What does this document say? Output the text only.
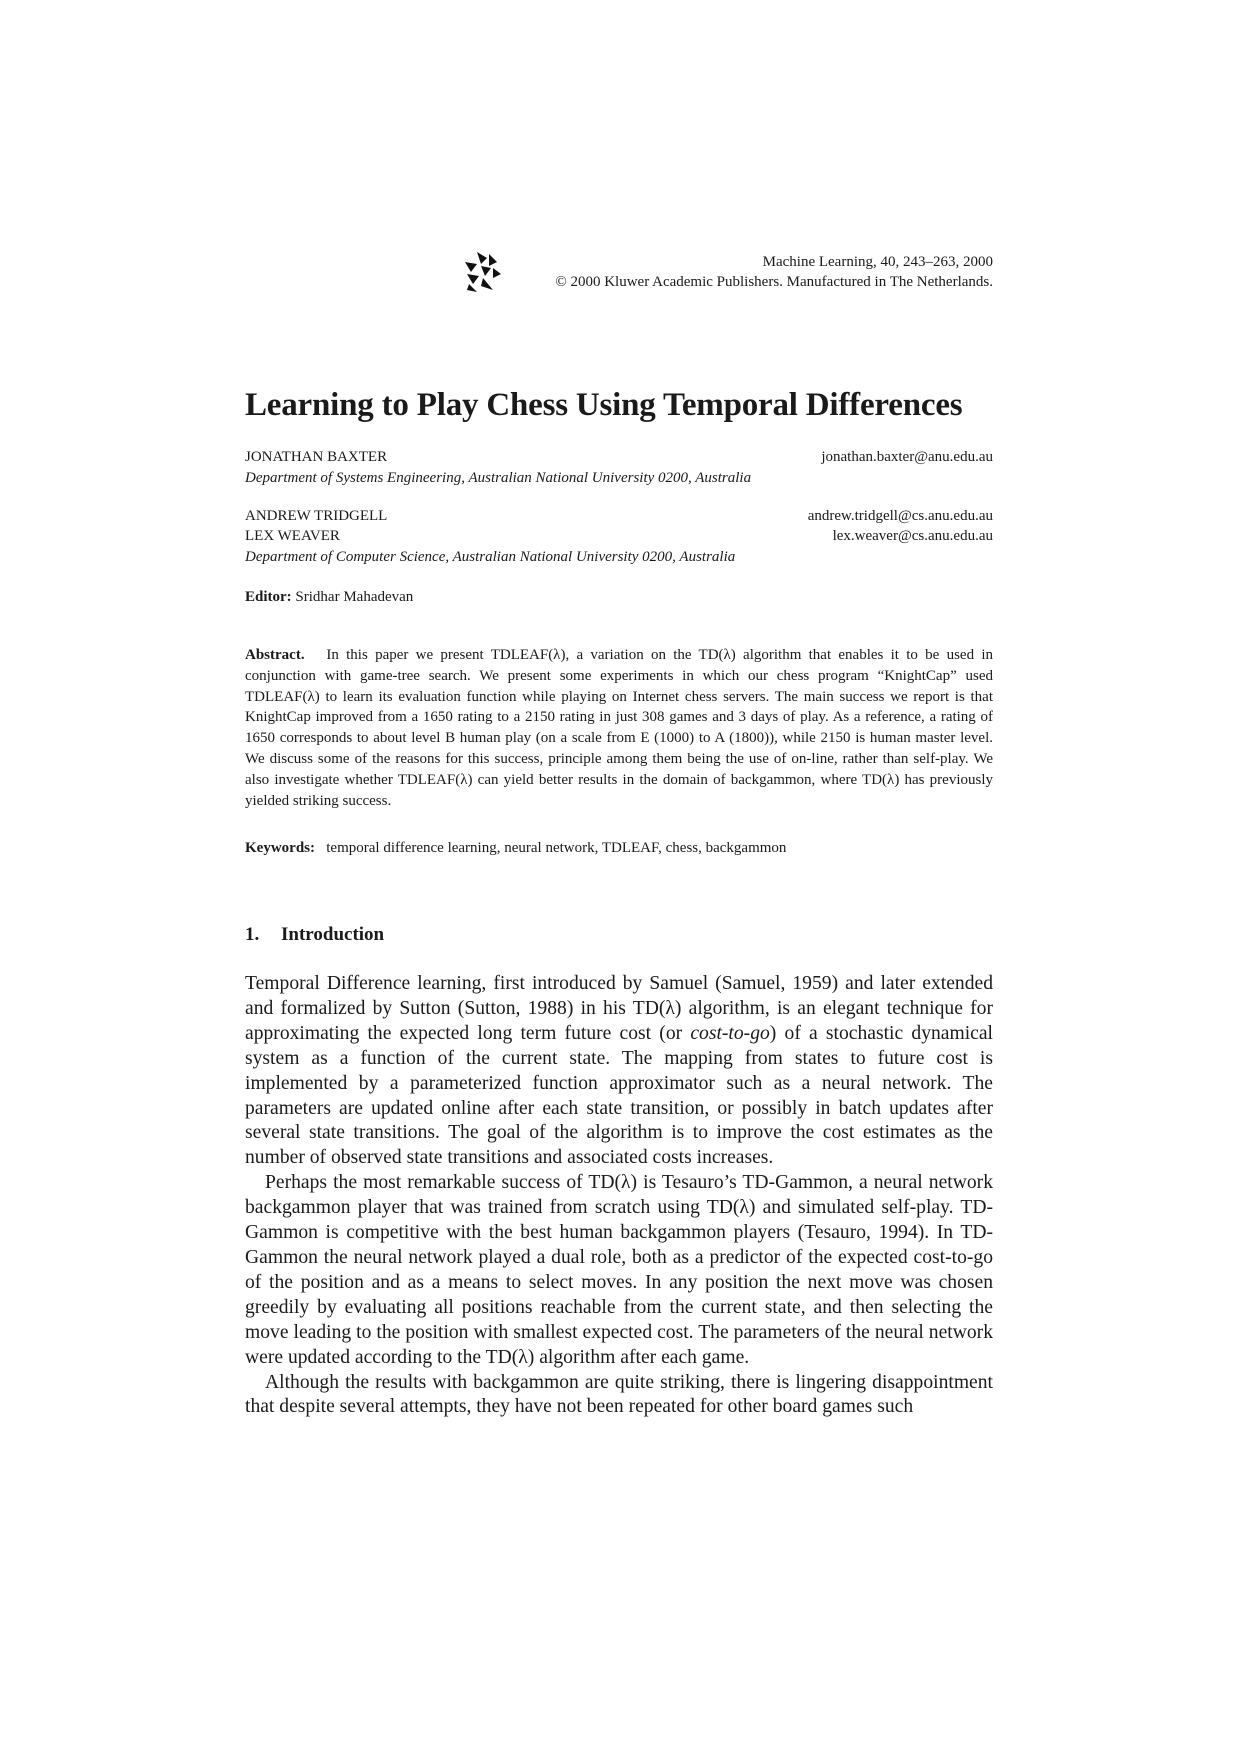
Machine Learning, 40, 243–263, 2000
© 2000 Kluwer Academic Publishers. Manufactured in The Netherlands.
Learning to Play Chess Using Temporal Differences
JONATHAN BAXTER	jonathan.baxter@anu.edu.au
Department of Systems Engineering, Australian National University 0200, Australia
ANDREW TRIDGELL	andrew.tridgell@cs.anu.edu.au
LEX WEAVER	lex.weaver@cs.anu.edu.au
Department of Computer Science, Australian National University 0200, Australia
Editor: Sridhar Mahadevan
Abstract. In this paper we present TDLEAF(λ), a variation on the TD(λ) algorithm that enables it to be used in conjunction with game-tree search. We present some experiments in which our chess program “KnightCap” used TDLEAF(λ) to learn its evaluation function while playing on Internet chess servers. The main success we report is that KnightCap improved from a 1650 rating to a 2150 rating in just 308 games and 3 days of play. As a reference, a rating of 1650 corresponds to about level B human play (on a scale from E (1000) to A (1800)), while 2150 is human master level. We discuss some of the reasons for this success, principle among them being the use of on-line, rather than self-play. We also investigate whether TDLEAF(λ) can yield better results in the domain of backgammon, where TD(λ) has previously yielded striking success.
Keywords: temporal difference learning, neural network, TDLEAF, chess, backgammon
1. Introduction

Temporal Difference learning, first introduced by Samuel (Samuel, 1959) and later extended and formalized by Sutton (Sutton, 1988) in his TD(λ) algorithm, is an elegant technique for approximating the expected long term future cost (or cost-to-go) of a stochastic dynamical system as a function of the current state. The mapping from states to future cost is implemented by a parameterized function approximator such as a neural network. The parameters are updated online after each state transition, or possibly in batch updates after several state transitions. The goal of the algorithm is to improve the cost estimates as the number of observed state transitions and associated costs increases.

Perhaps the most remarkable success of TD(λ) is Tesauro’s TD-Gammon, a neural network backgammon player that was trained from scratch using TD(λ) and simulated self-play. TD-Gammon is competitive with the best human backgammon players (Tesauro, 1994). In TD-Gammon the neural network played a dual role, both as a predictor of the expected cost-to-go of the position and as a means to select moves. In any position the next move was chosen greedily by evaluating all positions reachable from the current state, and then selecting the move leading to the position with smallest expected cost. The parameters of the neural network were updated according to the TD(λ) algorithm after each game.

Although the results with backgammon are quite striking, there is lingering disappointment that despite several attempts, they have not been repeated for other board games such
